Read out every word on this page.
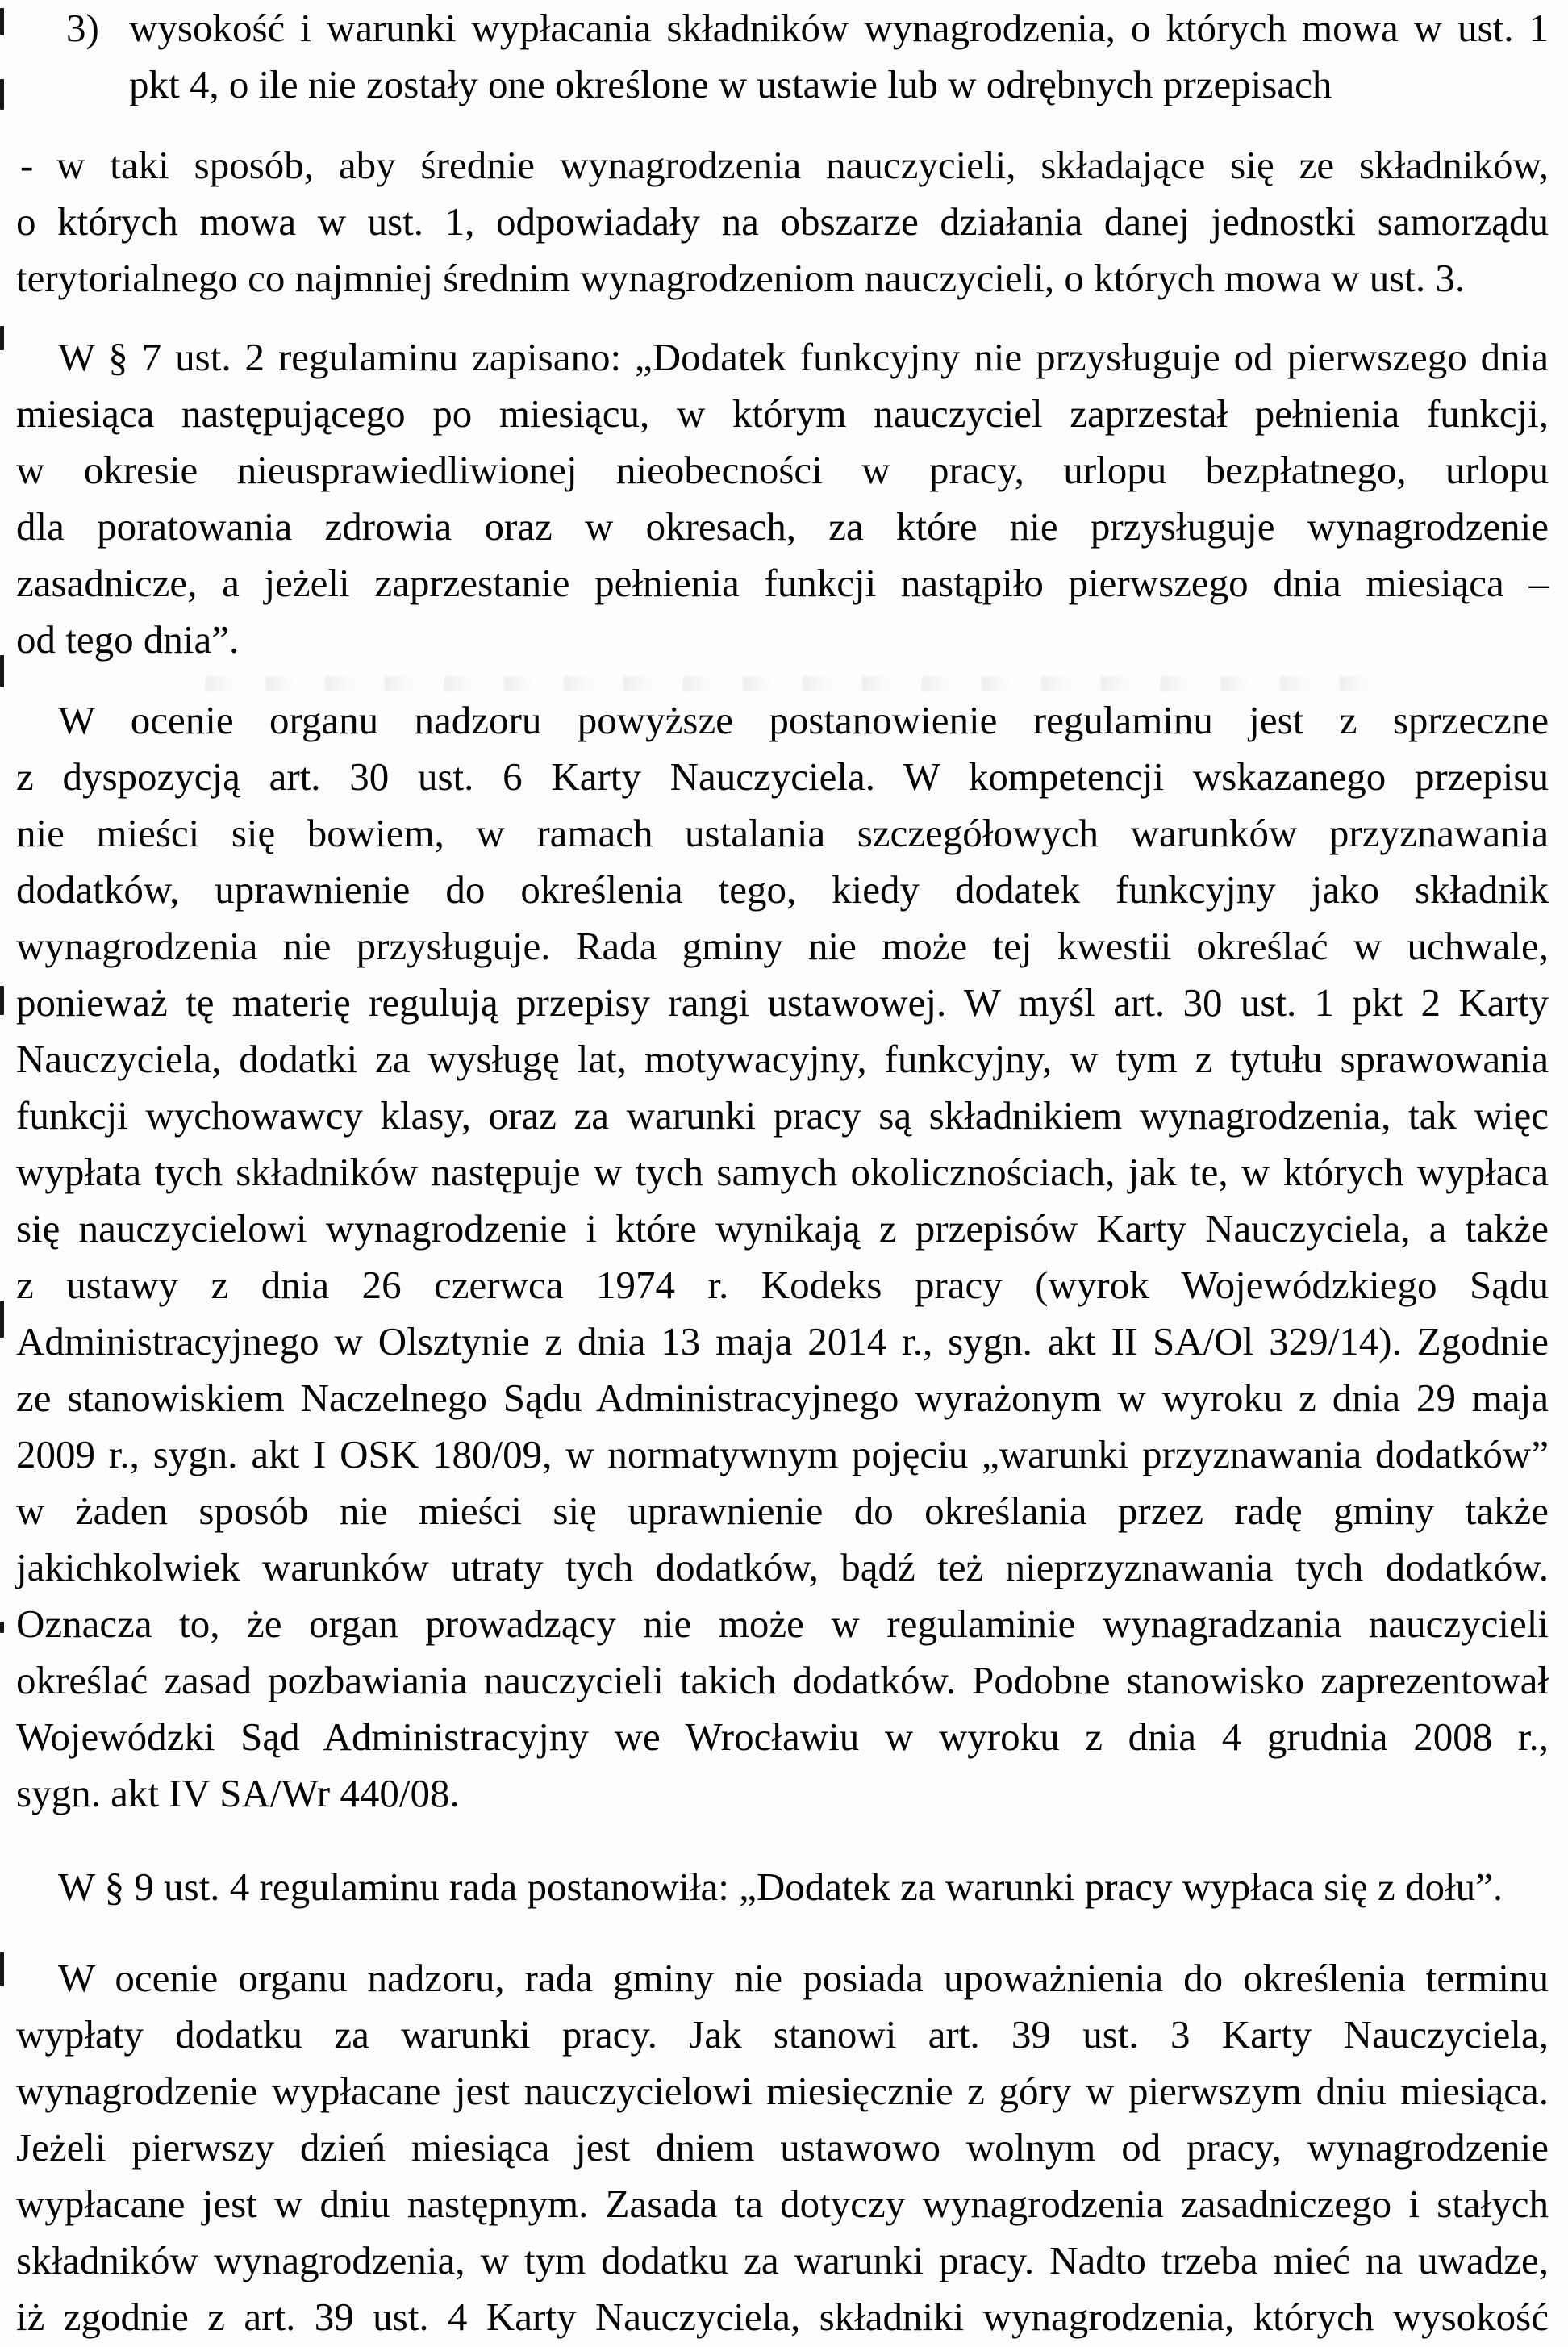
3) wysokość i warunki wypłacania składników wynagrodzenia, o których mowa w ust. 1
pkt 4, o ile nie zostały one określone w ustawie lub w odrębnych przepisach
- w taki sposób, aby średnie wynagrodzenia nauczycieli, składające się ze składników,
o których mowa w ust. 1, odpowiadały na obszarze działania danej jednostki samorządu
terytorialnego co najmniej średnim wynagrodzeniom nauczycieli, o których mowa w ust. 3.
W § 7 ust. 2 regulaminu zapisano: „Dodatek funkcyjny nie przysługuje od pierwszego dnia
miesiąca następującego po miesiącu, w którym nauczyciel zaprzestał pełnienia funkcji,
w okresie nieusprawiedliwionej nieobecności w pracy, urlopu bezpłatnego, urlopu
dla poratowania zdrowia oraz w okresach, za które nie przysługuje wynagrodzenie
zasadnicze, a jeżeli zaprzestanie pełnienia funkcji nastąpiło pierwszego dnia miesiąca –
od tego dnia”.
W ocenie organu nadzoru powyższe postanowienie regulaminu jest z sprzeczne
z dyspozycją art. 30 ust. 6 Karty Nauczyciela. W kompetencji wskazanego przepisu
nie mieści się bowiem, w ramach ustalania szczegółowych warunków przyznawania
dodatków, uprawnienie do określenia tego, kiedy dodatek funkcyjny jako składnik
wynagrodzenia nie przysługuje. Rada gminy nie może tej kwestii określać w uchwale,
ponieważ tę materię regulują przepisy rangi ustawowej. W myśl art. 30 ust. 1 pkt 2 Karty
Nauczyciela, dodatki za wysługę lat, motywacyjny, funkcyjny, w tym z tytułu sprawowania
funkcji wychowawcy klasy, oraz za warunki pracy są składnikiem wynagrodzenia, tak więc
wypłata tych składników następuje w tych samych okolicznościach, jak te, w których wypłaca
się nauczycielowi wynagrodzenie i które wynikają z przepisów Karty Nauczyciela, a także
z ustawy z dnia 26 czerwca 1974 r. Kodeks pracy (wyrok Wojewódzkiego Sądu
Administracyjnego w Olsztynie z dnia 13 maja 2014 r., sygn. akt II SA/Ol 329/14). Zgodnie
ze stanowiskiem Naczelnego Sądu Administracyjnego wyrażonym w wyroku z dnia 29 maja
2009 r., sygn. akt I OSK 180/09, w normatywnym pojęciu „warunki przyznawania dodatków”
w żaden sposób nie mieści się uprawnienie do określania przez radę gminy także
jakichkolwiek warunków utraty tych dodatków, bądź też nieprzyznawania tych dodatków.
Oznacza to, że organ prowadzący nie może w regulaminie wynagradzania nauczycieli
określać zasad pozbawiania nauczycieli takich dodatków. Podobne stanowisko zaprezentował
Wojewódzki Sąd Administracyjny we Wrocławiu w wyroku z dnia 4 grudnia 2008 r.,
sygn. akt IV SA/Wr 440/08.
W § 9 ust. 4 regulaminu rada postanowiła: „Dodatek za warunki pracy wypłaca się z dołu”.
W ocenie organu nadzoru, rada gminy nie posiada upoważnienia do określenia terminu
wypłaty dodatku za warunki pracy. Jak stanowi art. 39 ust. 3 Karty Nauczyciela,
wynagrodzenie wypłacane jest nauczycielowi miesięcznie z góry w pierwszym dniu miesiąca.
Jeżeli pierwszy dzień miesiąca jest dniem ustawowo wolnym od pracy, wynagrodzenie
wypłacane jest w dniu następnym. Zasada ta dotyczy wynagrodzenia zasadniczego i stałych
składników wynagrodzenia, w tym dodatku za warunki pracy. Nadto trzeba mieć na uwadze,
iż zgodnie z art. 39 ust. 4 Karty Nauczyciela, składniki wynagrodzenia, których wysokość
